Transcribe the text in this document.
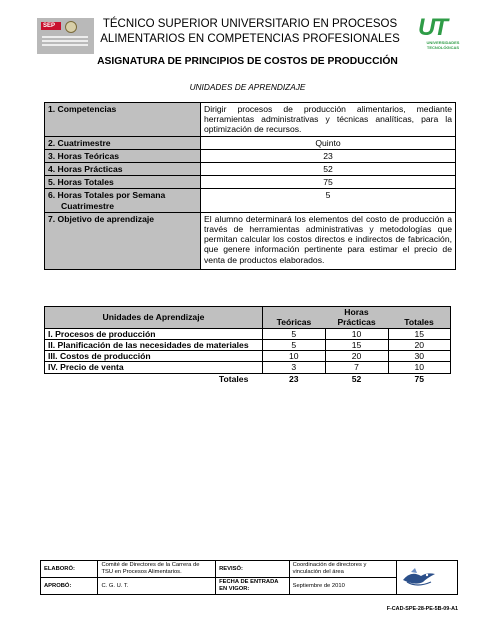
SEP	TÉCNICO SUPERIOR UNIVERSITARIO EN PROCESOS
ALIMENTARIOS EN COMPETENCIAS PROFESIONALES UT
UNIVERSIDADES TECNOLÓGICAS
ASIGNATURA DE PRINCIPIOS DE COSTOS DE PRODUCCIÓN
UNIDADES DE APRENDIZAJE
1. Competencias	Dirigir procesos de producción alimentarios, mediante herramientas administrativas y técnicas analíticas, para la optimización de recursos.
2. Cuatrimestre	Quinto
3. Horas Teóricas	23
4. Horas Prácticas	52
5. Horas Totales	75

6. Horas Totales por Semana
Cuatrimestre	5
7. Objetivo de aprendizaje	El alumno determinará los elementos del costo de producción a través de herramientas administrativas y metodologías que permitan calcular los costos directos e indirectos de fabricación, que genere información pertinente para estimar el precio de venta de productos elaborados.
Unidades de Aprendizaje	Horas		
	Teóricas	Prácticas	Totales
I. Procesos de producción	5	10	15
II. Planificación de las necesidades de materiales	5	15	20
III. Costos de producción	10	20	30
IV. Precio de venta	3	7	10
Totales	23	52	75
ELABORÓ:	Comité de Directores de la Carrera de TSU en Procesos Alimentarios.	REVISÓ:	Coordinación de directores y vinculación del área	

APROBÓ:	C. G. U. T.	FECHA DE ENTRADA EN VIGOR:	Septiembre de 2010	
F-CAD-SPE-28-PE-5B-09-A1
